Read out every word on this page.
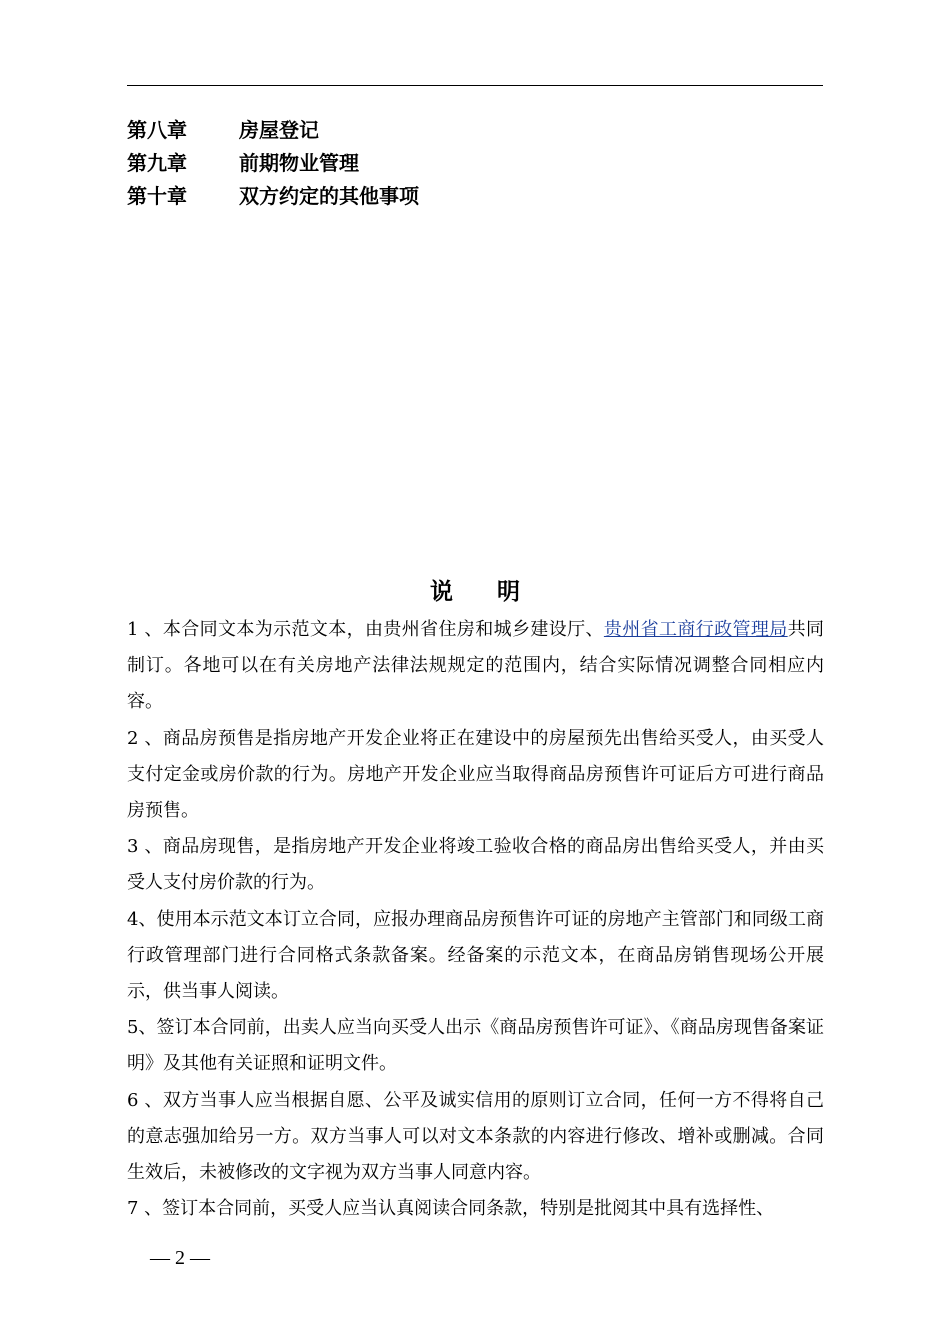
第八章	房屋登记
第九章	前期物业管理
第十章	双方约定的其他事项
说 明

1 、本合同文本为示范文本，由贵州省住房和城乡建设厅、贵州省工商行政管理局共同制订。各地可以在有关房地产法律法规规定的范围内，结合实际情况调整合同相应内容。

2 、商品房预售是指房地产开发企业将正在建设中的房屋预先出售给买受人，由买受人支付定金或房价款的行为。房地产开发企业应当取得商品房预售许可证后方可进行商品房预售。

3 、商品房现售，是指房地产开发企业将竣工验收合格的商品房出售给买受人，并由买受人支付房价款的行为。

4、使用本示范文本订立合同，应报办理商品房预售许可证的房地产主管部门和同级工商行政管理部门进行合同格式条款备案。经备案的示范文本，在商品房销售现场公开展示，供当事人阅读。

5、签订本合同前，出卖人应当向买受人出示《商品房预售许可证》、《商品房现售备案证明》及其他有关证照和证明文件。

6 、双方当事人应当根据自愿、公平及诚实信用的原则订立合同，任何一方不得将自己的意志强加给另一方。双方当事人可以对文本条款的内容进行修改、增补或删减。合同生效后，未被修改的文字视为双方当事人同意内容。

7 、签订本合同前，买受人应当认真阅读合同条款，特别是批阅其中具有选择性、

— 2 —
